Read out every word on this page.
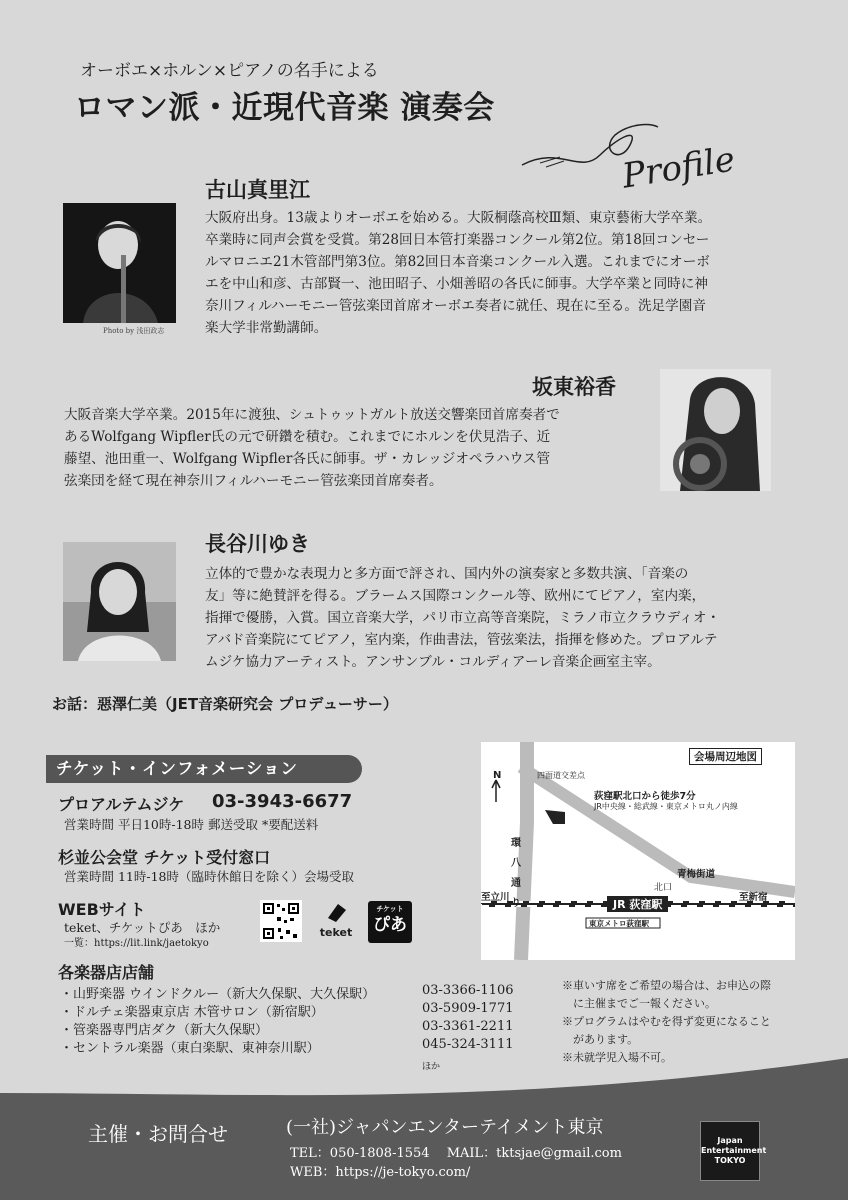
オーボエ×ホルン×ピアノの名手による
ロマン派・近現代音楽 演奏会
Profile
古山真里江
Photo by 浅田政志
大阪府出身。13歳よりオーボエを始める。大阪桐蔭高校Ⅲ類、東京藝術大学卒業。
卒業時に同声会賞を受賞。第28回日本管打楽器コンクール第2位。第18回コンセー
ルマロニエ21木管部門第3位。第82回日本音楽コンクール入選。これまでにオーボ
エを中山和彦、古部賢一、池田昭子、小畑善昭の各氏に師事。大学卒業と同時に神
奈川フィルハーモニー管弦楽団首席オーボエ奏者に就任、現在に至る。洗足学園音
楽大学非常勤講師。
坂東裕香
大阪音楽大学卒業。2015年に渡独、シュトゥットガルト放送交響楽団首席奏者で
あるWolfgang Wipfler氏の元で研鑽を積む。これまでにホルンを伏見浩子、近
藤望、池田重一、Wolfgang Wipfler各氏に師事。ザ・カレッジオペラハウス管
弦楽団を経て現在神奈川フィルハーモニー管弦楽団首席奏者。
長谷川ゆき
立体的で豊かな表現力と多方面で評され、国内外の演奏家と多数共演、「音楽の
友」等に絶賛評を得る。ブラームス国際コンクール等、欧州にてピアノ，室内楽，
指揮で優勝，入賞。国立音楽大学，パリ市立高等音楽院，ミラノ市立クラウディオ・
アバド音楽院にてピアノ，室内楽，作曲書法，管弦楽法，指揮を修めた。プロアルテ
ムジケ協力アーティスト。アンサンブル・コルディアーレ音楽企画室主宰。
お話：惡澤仁美（JET音楽研究会 プロデューサー）
チケット・インフォメーション
プロアルテムジケ 03-3943-6677
営業時間 平日10時-18時 郵送受取 *要配送料
杉並公会堂 チケット受付窓口
営業時間 11時-18時（臨時休館日を除く）会場受取
WEBサイト
teket、チケットぴあ　ほか
一覧：https://lit.link/jaetokyo
teket
チケット
ぴあ
各楽器店店舗
・山野楽器 ウインドクルー（新大久保駅、大久保駅）	03-3366-1106
・ドルチェ楽器東京店 木管サロン（新宿駅）	03-5909-1771
・管楽器専門店ダク（新大久保駅）	03-3361-2211
・セントラル楽器（東白楽駅、東神奈川駅）	045-324-3111
ほか
会場周辺地図
N	四面道交差点
荻窪駅北口から徒歩7分
JR中央線・総武線・東京メトロ丸ノ内線
環
八
通
り
青梅街道
北口
至立川	至新宿
JR 荻窪駅
東京メトロ荻窪駅
※車いす席をご希望の場合は、お申込の際
　に主催までご一報ください。
※プログラムはやむを得ず変更になること
　があります。
※未就学児入場不可。
主催・お問合せ	(一社)ジャパンエンターテイメント東京
TEL：050-1808-1554　 MAIL：tktsjae@gmail.com
WEB：https://je-tokyo.com/
Japan
Entertainment
TOKYO
